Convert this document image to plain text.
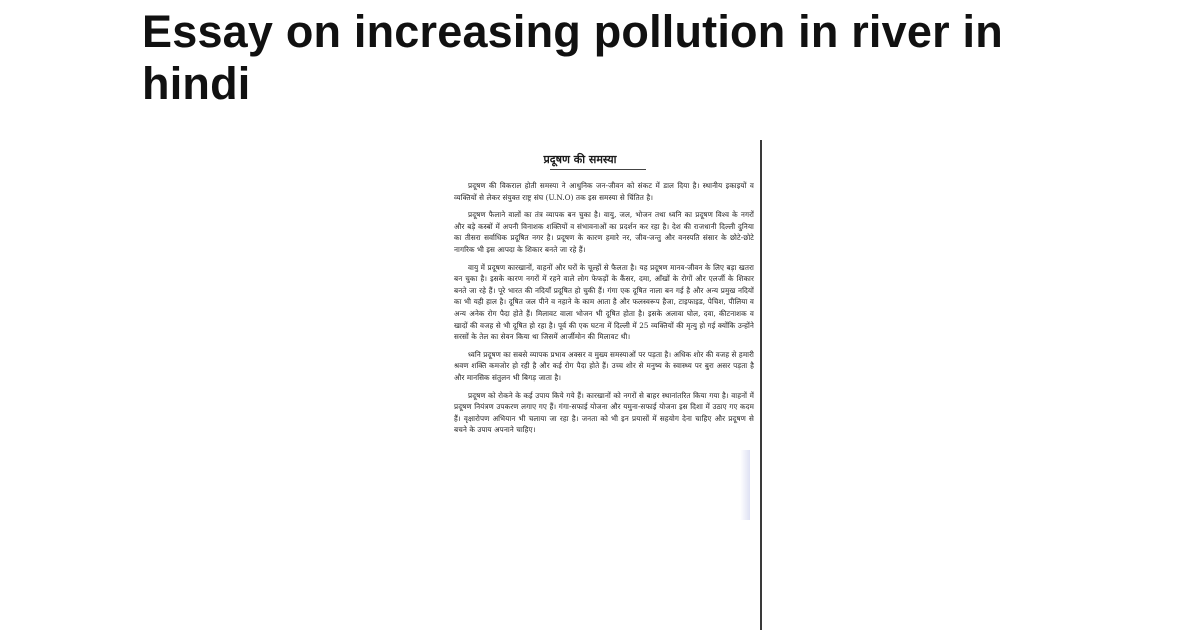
Essay on increasing pollution in river in hindi
प्रदूषण की समस्या

प्रदूषण की विकराल होती समस्या ने आधुनिक जन-जीवन को संकट में डाल दिया है। स्थानीय इकाइयों व व्यक्तियों से लेकर संयुक्त राष्ट्र संघ (U.N.O) तक इस समस्या से चिंतित है।

प्रदूषण फैलाने वालों का तंत्र व्यापक बन चुका है। वायु, जल, भोजन तथा ध्वनि का प्रदूषण विश्व के नगरों और बड़े कस्बों में अपनी विनाशक शक्तियों व संभावनाओं का प्रदर्शन कर रहा है। देश की राजधानी दिल्ली दुनिया का तीसरा सर्वाधिक प्रदूषित नगर है। प्रदूषण के कारण हमारे नर, जीव-जन्तु और वनस्पति संसार के छोटे-छोटे नागरिक भी इस आपदा के शिकार बनते जा रहे हैं।

वायु में प्रदूषण कारखानों, वाहनों और घरों के चूल्हों से फैलता है। यह प्रदूषण मानव-जीवन के लिए बड़ा खतरा बन चुका है। इसके कारण नगरों में रहने वाले लोग फेफड़ों के कैंसर, दमा, आँखों के रोगों और एलर्जी के शिकार बनते जा रहे हैं। पूरे भारत की नदियाँ प्रदूषित हो चुकी हैं। गंगा एक दूषित नाला बन गई है और अन्य प्रमुख नदियों का भी यही हाल है। दूषित जल पीने व नहाने के काम आता है और फलस्वरूप हैजा, टाइफाइड, पेचिश, पीलिया व अन्य अनेक रोग पैदा होते हैं। मिलावट वाला भोजन भी दूषित होता है। इसके अलावा घोल, दवा, कीटनाशक व खादों की वजह से भी दूषित हो रहा है। पूर्व की एक घटना में दिल्ली में 25 व्यक्तियों की मृत्यु हो गई क्योंकि उन्होंने सरसों के तेल का सेवन किया था जिसमें आर्जीमोन की मिलावट थी।

ध्वनि प्रदूषण का सबसे व्यापक प्रभाव अक्सर व मुख्य समस्याओं पर पड़ता है। अधिक शोर की वजह से हमारी श्रवण शक्ति कमजोर हो रही है और कई रोग पैदा होते हैं। उच्च शोर से मनुष्य के स्वास्थ्य पर बुरा असर पड़ता है और मानसिक संतुलन भी बिगड़ जाता है।

प्रदूषण को रोकने के कई उपाय किये गये हैं। कारखानों को नगरों से बाहर स्थानांतरित किया गया है। वाहनों में प्रदूषण नियंत्रण उपकरण लगाए गए हैं। गंगा-सफाई योजना और यमुना-सफाई योजना इस दिशा में उठाए गए कदम हैं। वृक्षारोपण अभियान भी चलाया जा रहा है। जनता को भी इन प्रयासों में सहयोग देना चाहिए और प्रदूषण से बचने के उपाय अपनाने चाहिए।
